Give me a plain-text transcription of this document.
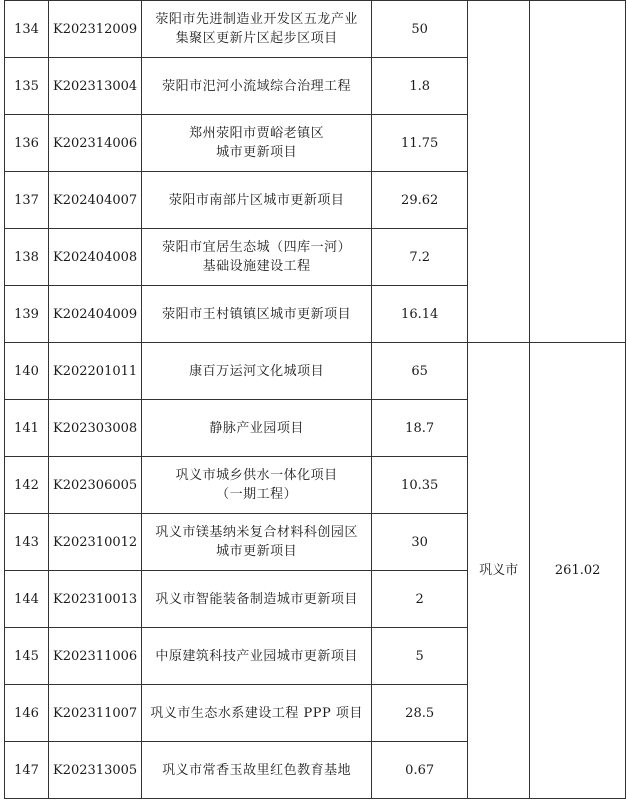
134	K202312009	荥阳市先进制造业开发区五龙产业
集聚区更新片区起步区项目	50		
135	K202313004	荥阳市汜河小流域综合治理工程	1.8		
136	K202314006	郑州荥阳市贾峪老镇区
城市更新项目	11.75		
137	K202404007	荥阳市南部片区城市更新项目	29.62		
138	K202404008	荥阳市宜居生态城（四库一河）
基础设施建设工程	7.2		
139	K202404009	荥阳市王村镇镇区城市更新项目	16.14		
140	K202201011	康百万运河文化城项目	65	巩义市	261.02
141	K202303008	静脉产业园项目	18.7		
142	K202306005	巩义市城乡供水一体化项目
（一期工程）	10.35		
143	K202310012	巩义市镁基纳米复合材料科创园区
城市更新项目	30		
144	K202310013	巩义市智能装备制造城市更新项目	2		
145	K202311006	中原建筑科技产业园城市更新项目	5		
146	K202311007	巩义市生态水系建设工程 PPP 项目	28.5		
147	K202313005	巩义市常香玉故里红色教育基地	0.67		
